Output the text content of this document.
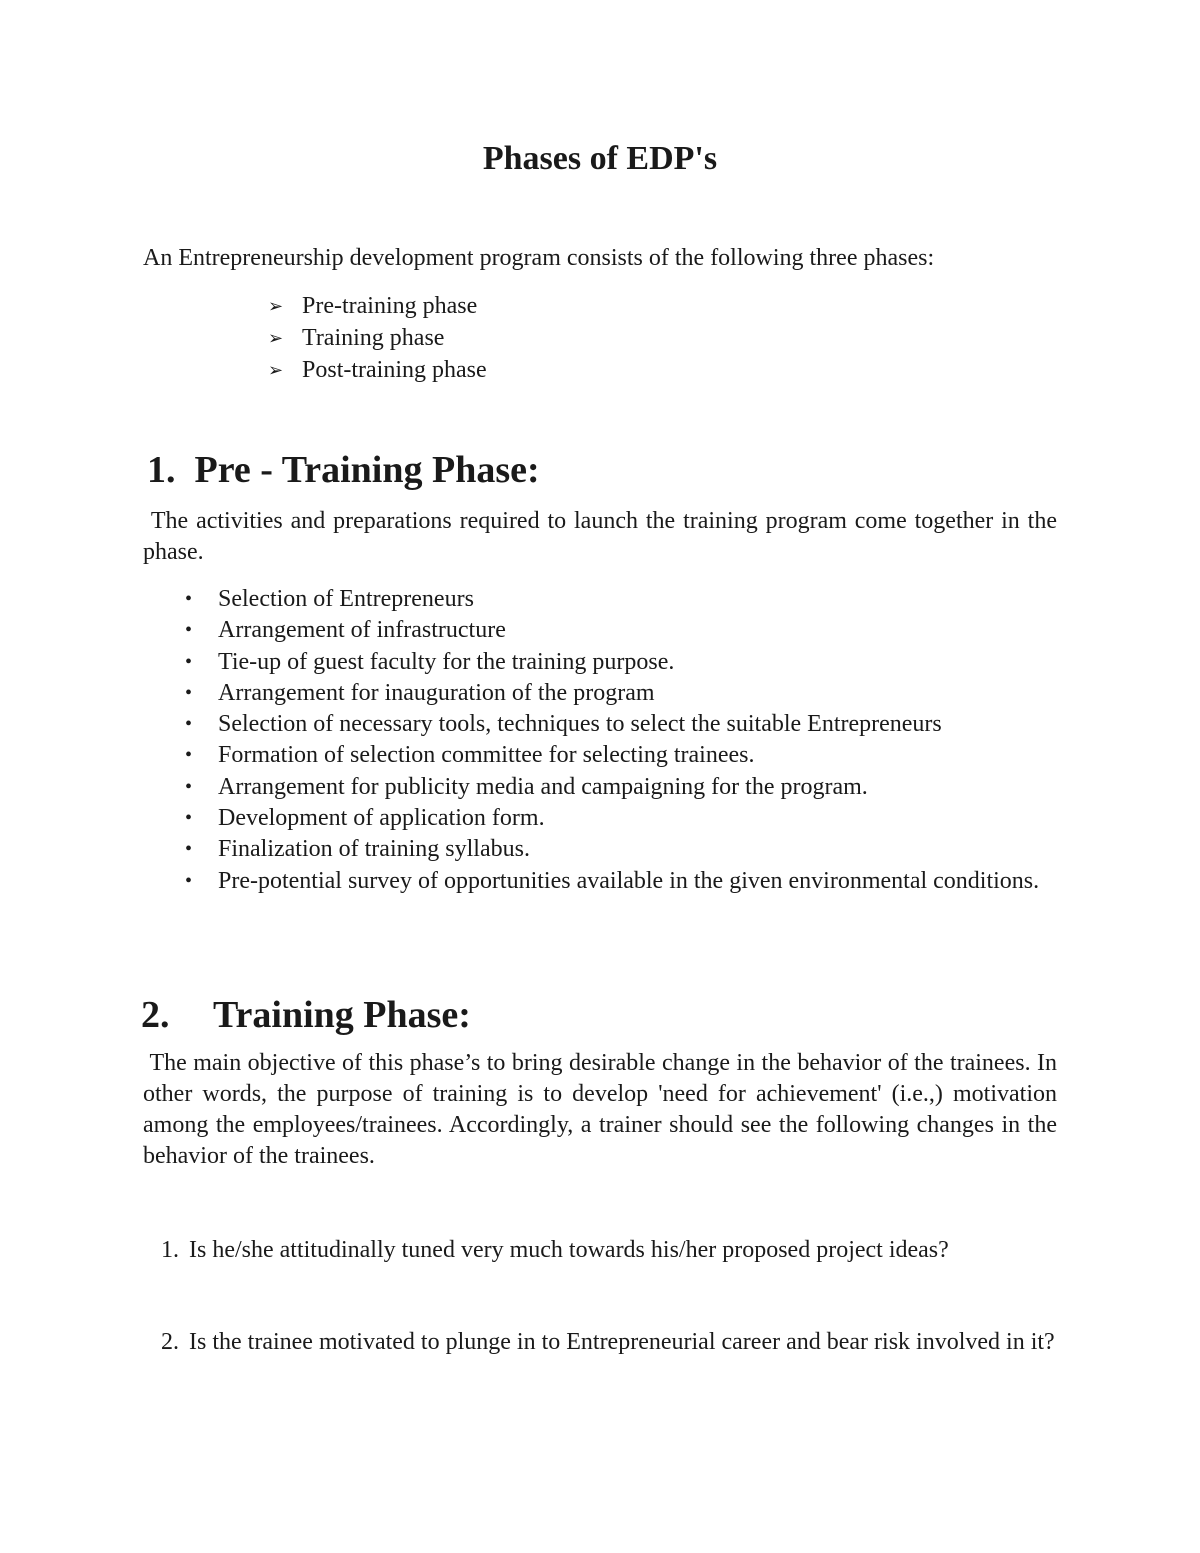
Phases of EDP's
An Entrepreneurship development program consists of the following three phases:
➢ Pre-training phase
➢ Training phase
➢ Post-training phase
1.  Pre - Training Phase:
The activities and preparations required to launch the training program come together in the phase.
• Selection of Entrepreneurs
• Arrangement of infrastructure
• Tie-up of guest faculty for the training purpose.
• Arrangement for inauguration of the program
• Selection of necessary tools, techniques to select the suitable Entrepreneurs
• Formation of selection committee for selecting trainees.
• Arrangement for publicity media and campaigning for the program.
• Development of application form.
• Finalization of training syllabus.
• Pre-potential survey of opportunities available in the given environmental conditions.
2. Training Phase:
The main objective of this phase’s to bring desirable change in the behavior of the trainees. In other words, the purpose of training is to develop 'need for achievement' (i.e.,) motivation among the employees/trainees. Accordingly, a trainer should see the following changes in the behavior of the trainees.
1. Is he/she attitudinally tuned very much towards his/her proposed project ideas?
2. Is the trainee motivated to plunge in to Entrepreneurial career and bear risk involved in it?
